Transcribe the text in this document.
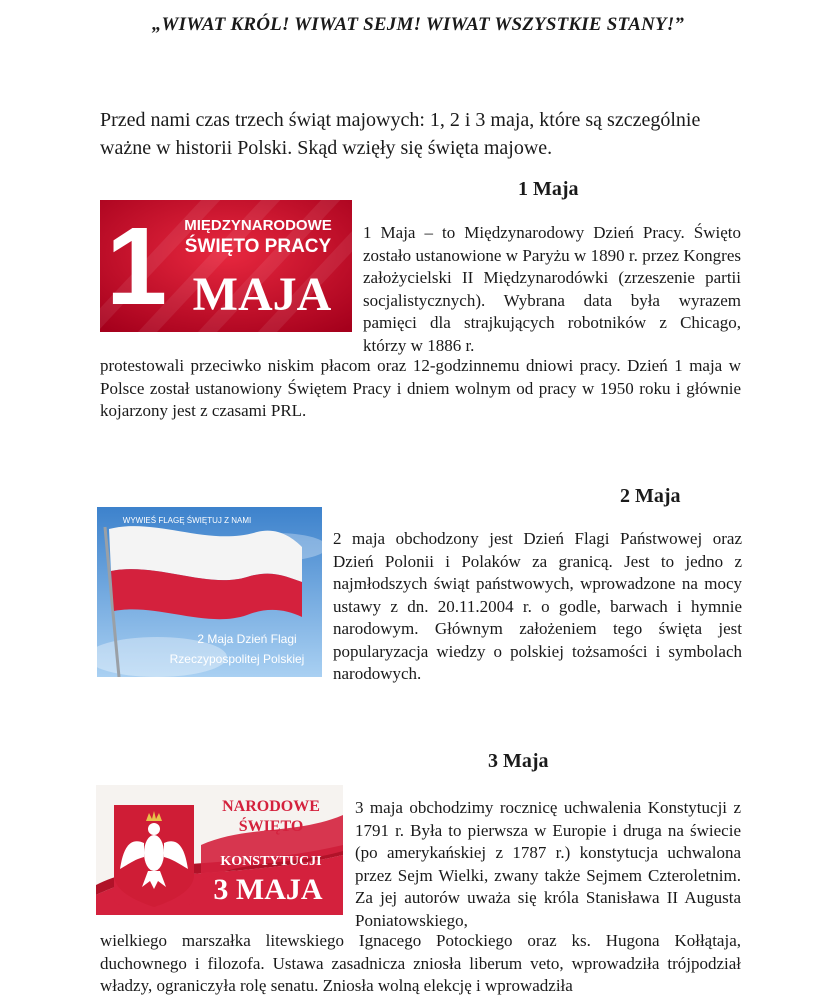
„WIWAT KRÓL! WIWAT SEJM! WIWAT WSZYSTKIE STANY!”
Przed nami czas trzech świąt majowych: 1, 2 i 3 maja, które są szczególnie ważne w historii Polski. Skąd wzięły się święta majowe.
1 Maja
1 MIĘDZYNARODOWE
ŚWIĘTO PRACY
MAJA
1 Maja – to Międzynarodowy Dzień Pracy. Święto zostało ustanowione w Paryżu w 1890 r. przez Kongres założycielski II Międzynarodówki (zrzeszenie partii socjalistycznych). Wybrana data była wyrazem pamięci dla strajkujących robotników z Chicago, którzy w 1886 r.
protestowali przeciwko niskim płacom oraz 12-godzinnemu dniowi pracy. Dzień 1 maja w Polsce został ustanowiony Świętem Pracy i dniem wolnym od pracy w 1950 roku i głównie kojarzony jest z czasami PRL.
2 Maja
WYWIEŚ FLAGĘ ŚWIĘTUJ Z NAMI
2 Maja Dzień Flagi
Rzeczypospolitej Polskiej
2 maja obchodzony jest Dzień Flagi Państwowej oraz Dzień Polonii i Polaków za granicą. Jest to jedno z najmłodszych świąt państwowych, wprowadzone na mocy ustawy z dn. 20.11.2004 r. o godle, barwach i hymnie narodowym. Głównym założeniem tego święta jest popularyzacja wiedzy o polskiej tożsamości i symbolach narodowych.
3 Maja
NARODOWE
ŚWIĘTO
KONSTYTUCJI
3 MAJA
3 maja obchodzimy rocznicę uchwalenia Konstytucji z 1791 r. Była to pierwsza w Europie i druga na świecie (po amerykańskiej z 1787 r.) konstytucja uchwalona przez Sejm Wielki, zwany także Sejmem Czteroletnim. Za jej autorów uważa się króla Stanisława II Augusta Poniatowskiego,
wielkiego marszałka litewskiego Ignacego Potockiego oraz ks. Hugona Kołłątaja, duchownego i filozofa. Ustawa zasadnicza zniosła liberum veto, wprowadziła trójpodział władzy, ograniczyła rolę senatu. Zniosła wolną elekcję i wprowadziła
